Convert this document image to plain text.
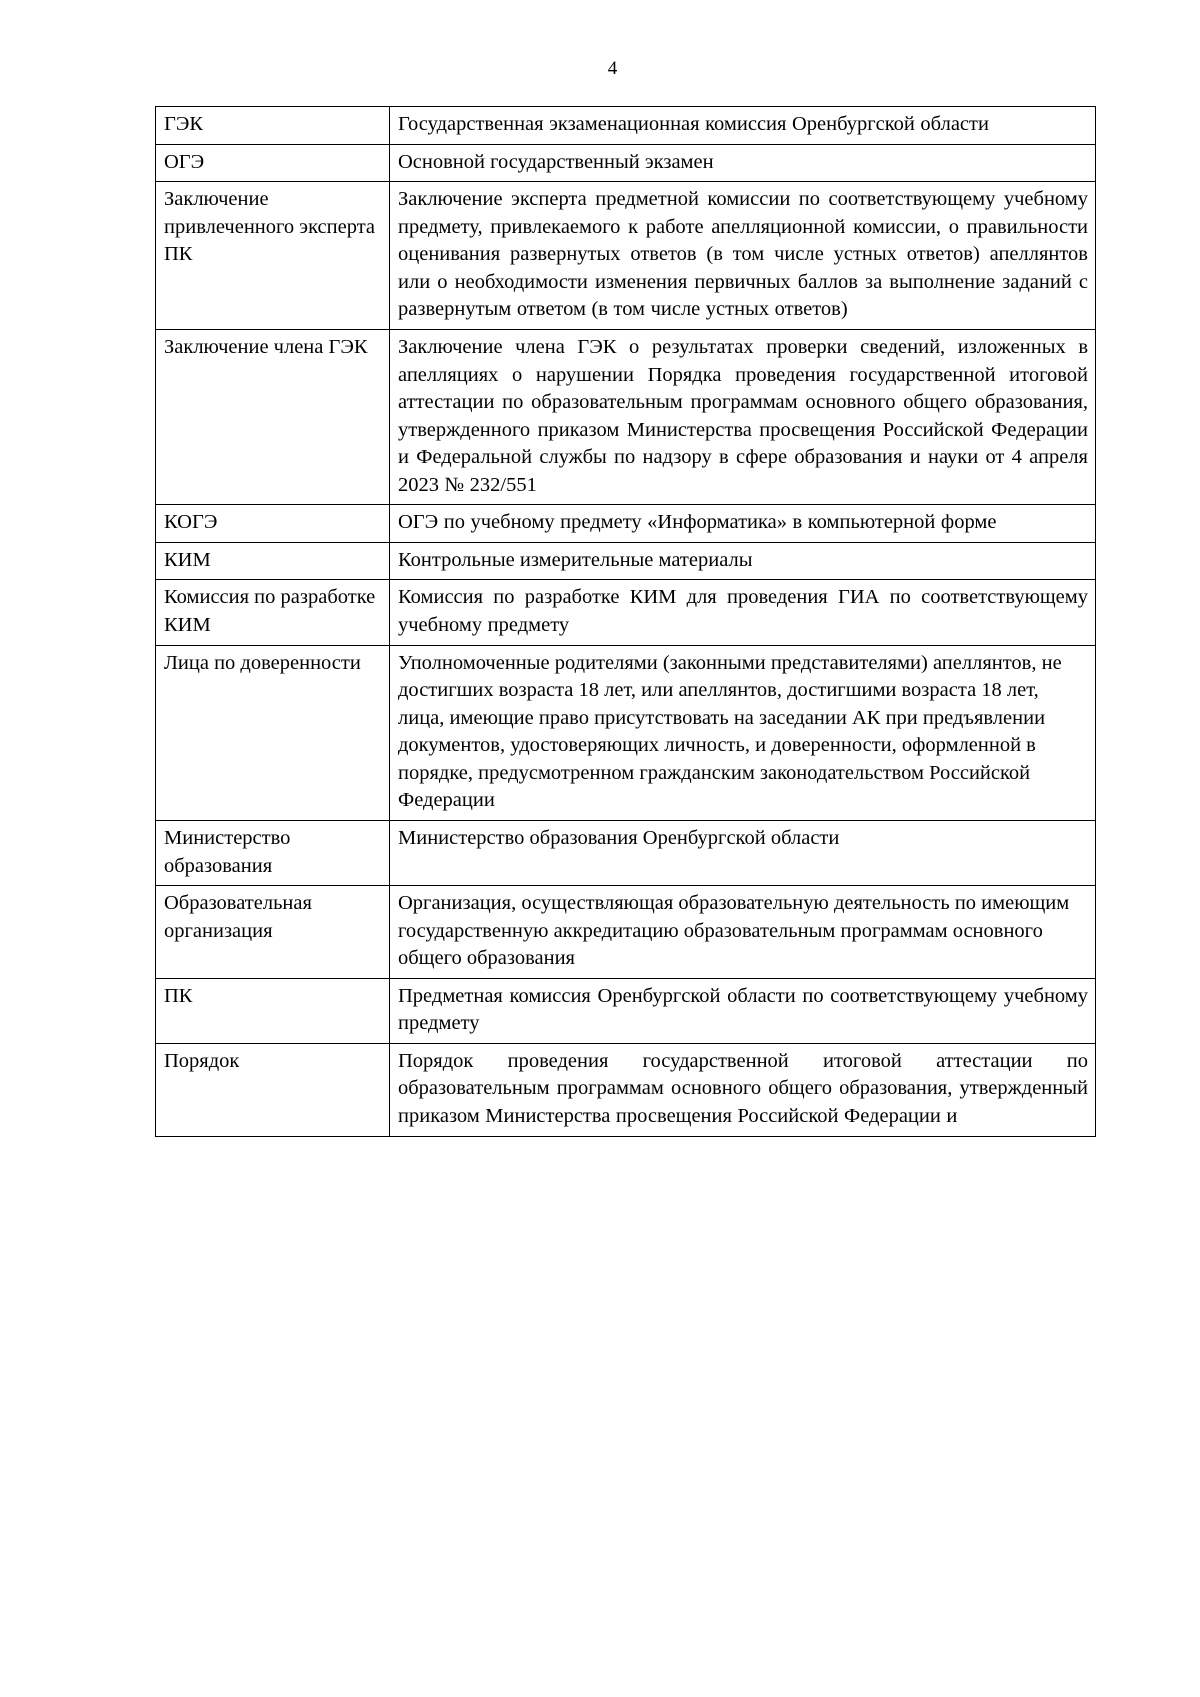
4
ГЭК	Государственная экзаменационная комиссия Оренбургской области
ОГЭ	Основной государственный экзамен
Заключение привлеченного эксперта ПК	Заключение эксперта предметной комиссии по соответствующему учебному предмету, привлекаемого к работе апелляционной комиссии, о правильности оценивания развернутых ответов (в том числе устных ответов) апеллянтов или о необходимости изменения первичных баллов за выполнение заданий с развернутым ответом (в том числе устных ответов)
Заключение члена ГЭК	Заключение члена ГЭК о результатах проверки сведений, изложенных в апелляциях о нарушении Порядка проведения государственной итоговой аттестации по образовательным программам основного общего образования, утвержденного приказом Министерства просвещения Российской Федерации и Федеральной службы по надзору в сфере образования и науки от 4 апреля 2023 № 232/551
КОГЭ	ОГЭ по учебному предмету «Информатика» в компьютерной форме
КИМ	Контрольные измерительные материалы
Комиссия по разработке КИМ	Комиссия по разработке КИМ для проведения ГИА по соответствующему учебному предмету
Лица по доверенности	Уполномоченные родителями (законными представителями) апеллянтов, не достигших возраста 18 лет, или апеллянтов, достигшими возраста 18 лет, лица, имеющие право присутствовать на заседании АК при предъявлении документов, удостоверяющих личность, и доверенности, оформленной в порядке, предусмотренном гражданским законодательством Российской Федерации
Министерство образования	Министерство образования Оренбургской области
Образовательная организация	Организация, осуществляющая образовательную деятельность по имеющим государственную аккредитацию образовательным программам основного общего образования
ПК	Предметная комиссия Оренбургской области по соответствующему учебному предмету
Порядок	Порядок проведения государственной итоговой аттестации по образовательным программам основного общего образования, утвержденный приказом Министерства просвещения Российской Федерации и
